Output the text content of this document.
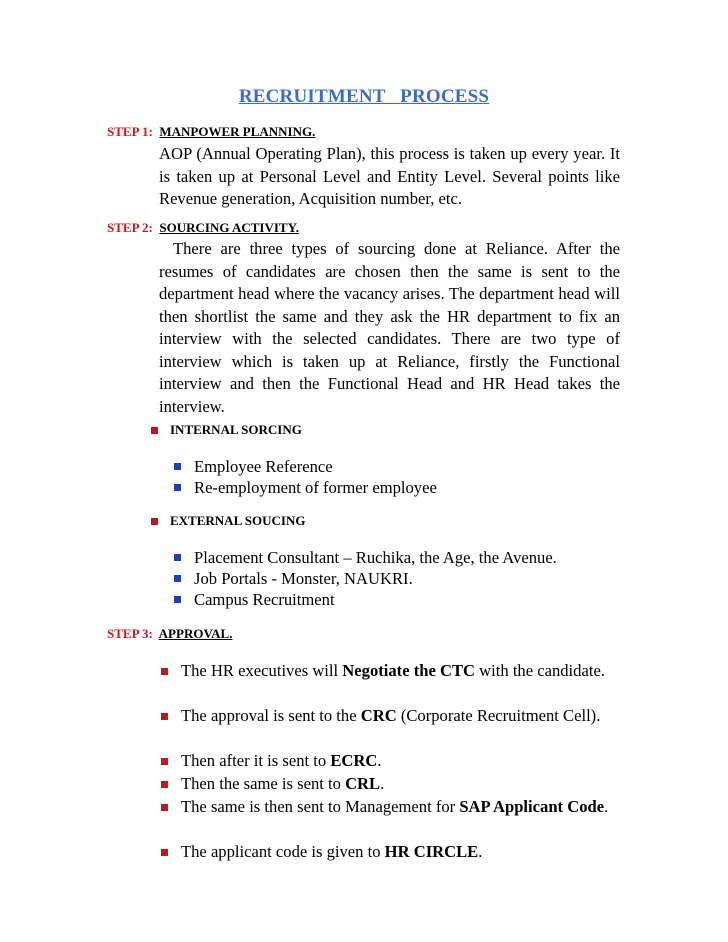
RECRUITMENT   PROCESS
STEP 1: MANPOWER PLANNING.
AOP (Annual Operating Plan), this process is taken up every year. It is taken up at Personal Level and Entity Level. Several points like Revenue generation, Acquisition number, etc.
STEP 2: SOURCING ACTIVITY.
There are three types of sourcing done at Reliance. After the resumes of candidates are chosen then the same is sent to the department head where the vacancy arises. The department head will then shortlist the same and they ask the HR department to fix an interview with the selected candidates. There are two type of interview which is taken up at Reliance, firstly the Functional interview and then the Functional Head and HR Head takes the interview.
INTERNAL SORCING
Employee Reference
Re-employment of former employee
EXTERNAL SOUCING
Placement Consultant – Ruchika, the Age, the Avenue.
Job Portals - Monster, NAUKRI.
Campus Recruitment
STEP 3: APPROVAL.
The HR executives will Negotiate the CTC with the candidate.
The approval is sent to the CRC (Corporate Recruitment Cell).
Then after it is sent to ECRC.
Then the same is sent to CRL.
The same is then sent to Management for SAP Applicant Code.
The applicant code is given to HR CIRCLE.
